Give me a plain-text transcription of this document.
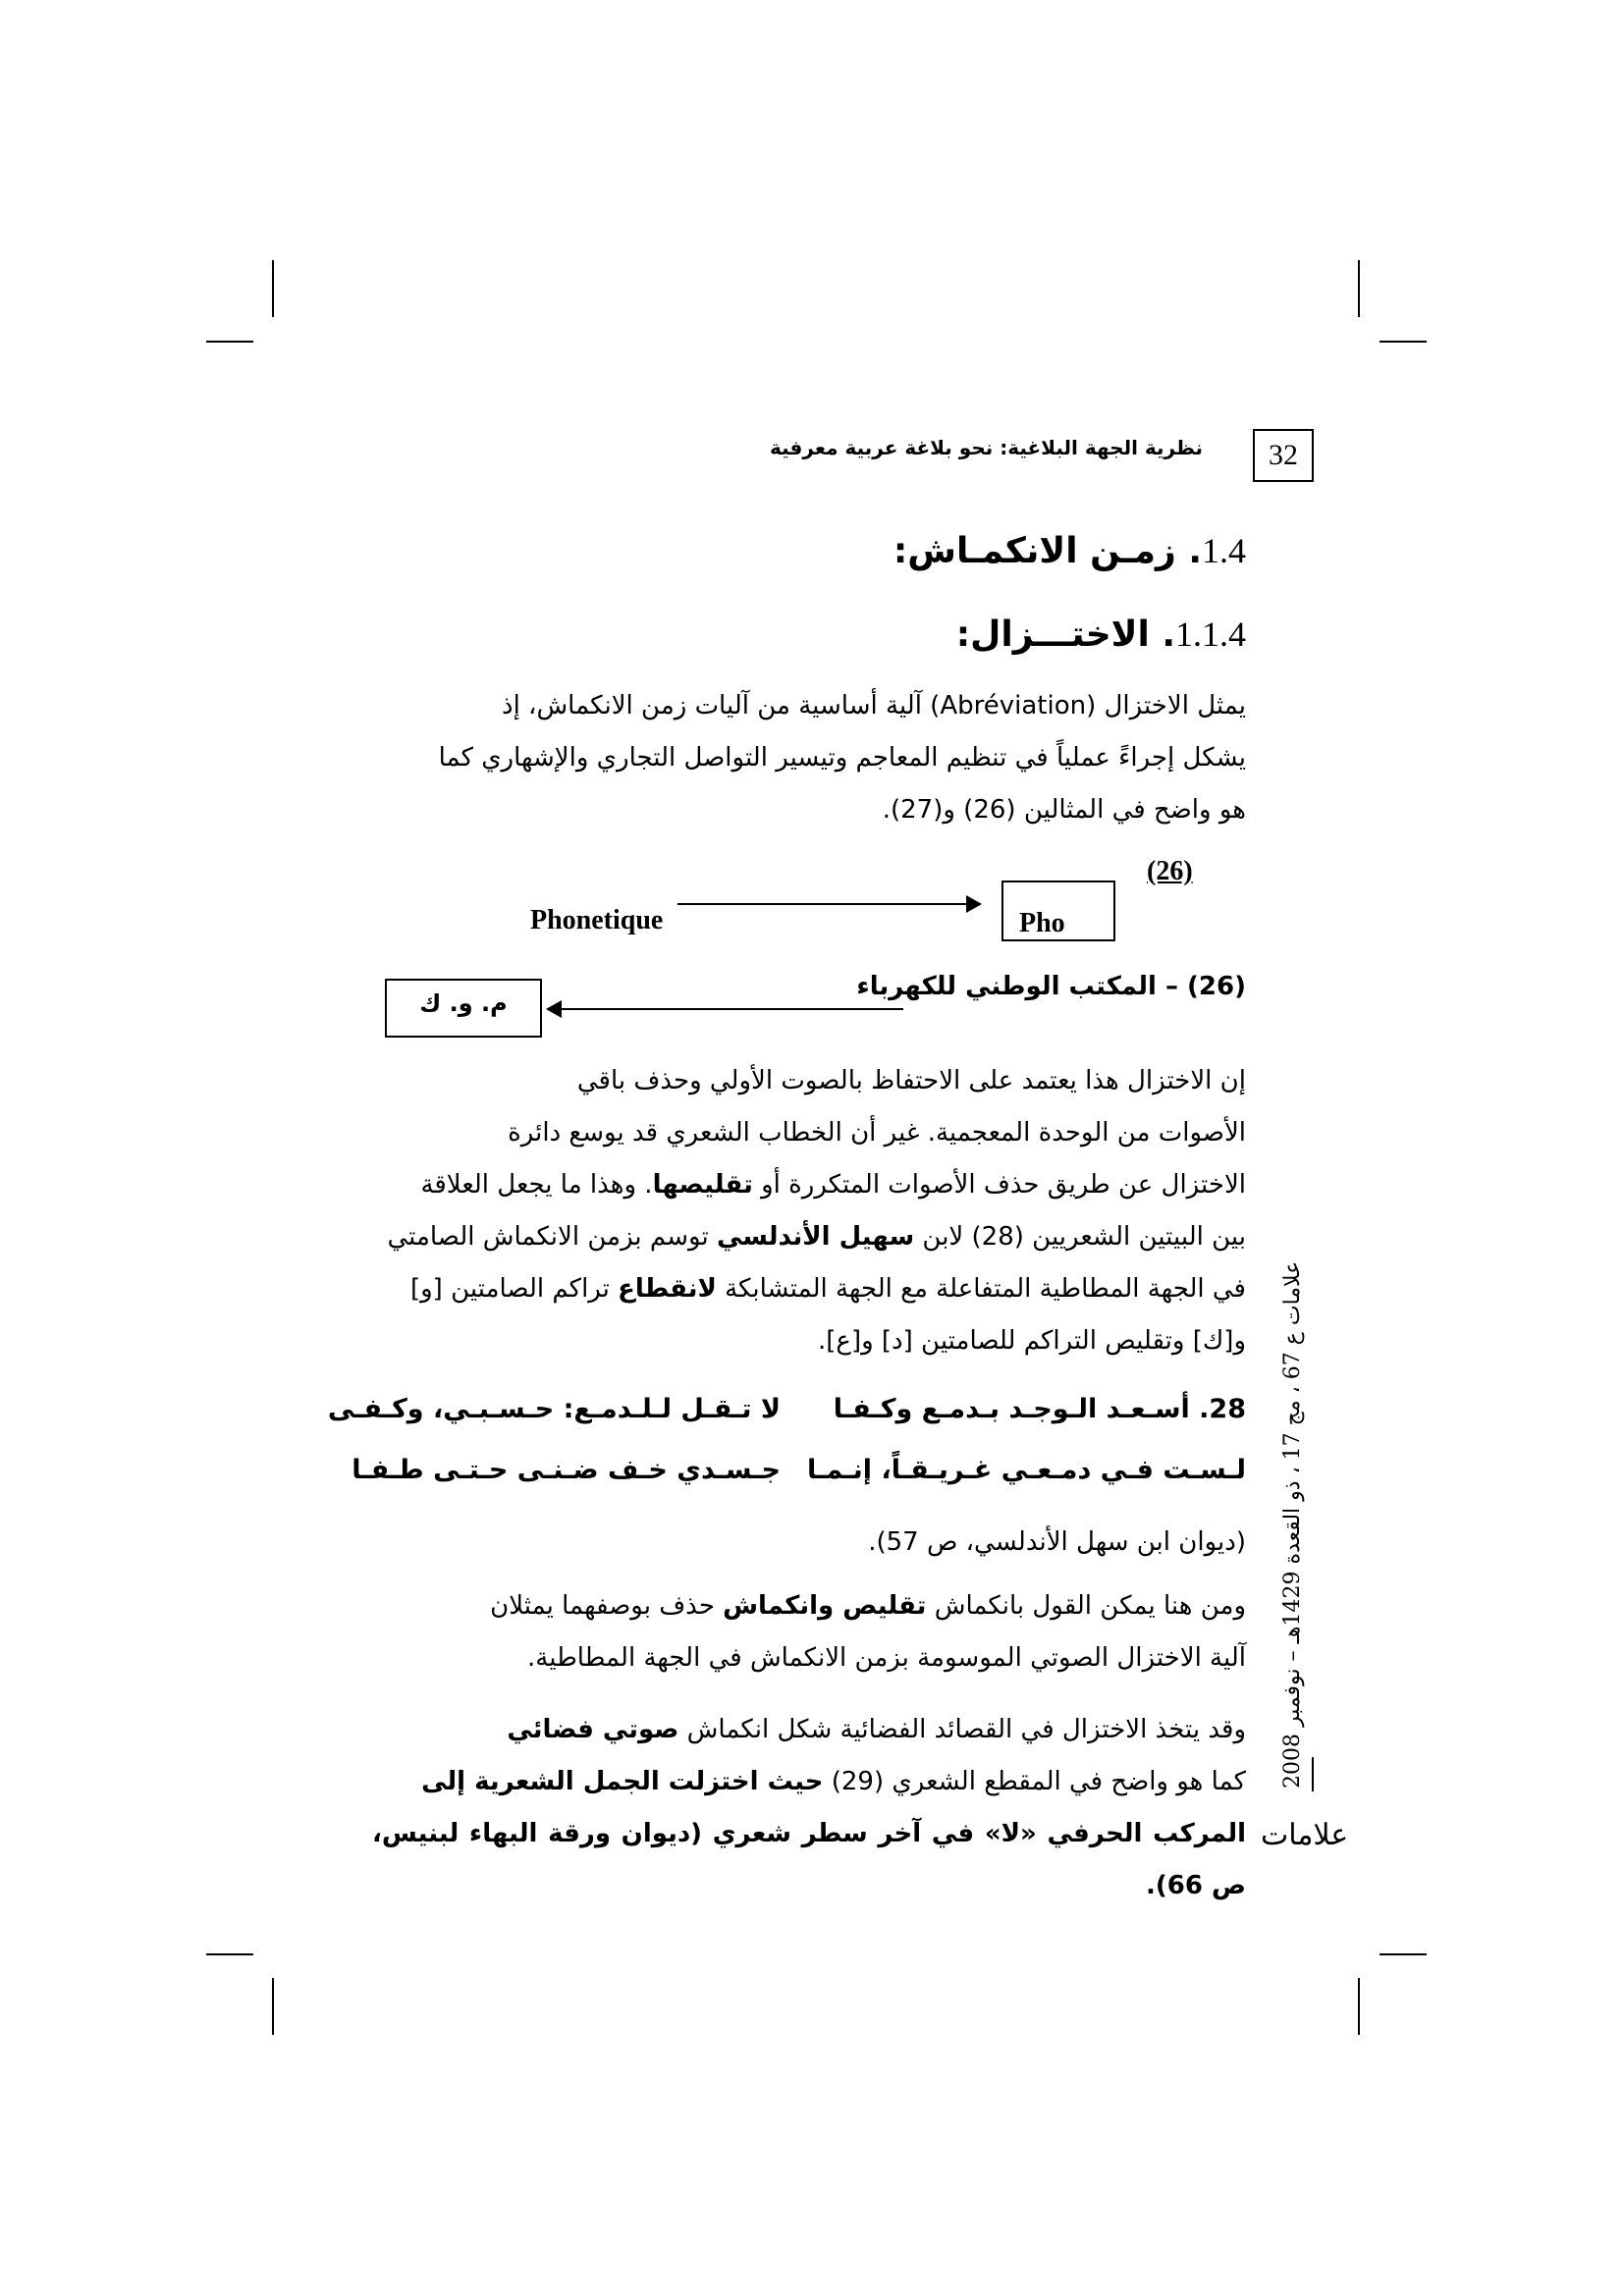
32
نظرية الجهة البلاغية: نحو بلاغة عربية معرفية
1.4. زمـن الانكمـاش:
1.1.4. الاختـــزال:
يمثل الاختزال (Abréviation) آلية أساسية من آليات زمن الانكماش، إذ
يشكل إجراءً عملياً في تنظيم المعاجم وتيسير التواصل التجاري والإشهاري كما
هو واضح في المثالين (26) و(27).
(26)
Phonetique	Pho
(26) – المكتب الوطني للكهرباء
م. و. ك
إن الاختزال هذا يعتمد على الاحتفاظ بالصوت الأولي وحذف باقي
الأصوات من الوحدة المعجمية. غير أن الخطاب الشعري قد يوسع دائرة
الاختزال عن طريق حذف الأصوات المتكررة أو تقليصها. وهذا ما يجعل العلاقة
بين البيتين الشعريين (28) لابن سهيل الأندلسي توسم بزمن الانكماش الصامتي
في الجهة المطاطية المتفاعلة مع الجهة المتشابكة لانقطاع تراكم الصامتين [و]
و[ك] وتقليص التراكم للصامتين [د] و[ع].
28. أسـعـد الـوجـد بـدمـع وكـفـا
لا تـقـل لـلـدمـع: حـسـبـي، وكـفـى
لـسـت فـي دمـعـي غـريـقـاً، إنـمـا
جـسـدي خـف ضـنـى حـتـى طـفـا
(ديوان ابن سهل الأندلسي، ص 57).
ومن هنا يمكن القول بانكماش تقليص وانكماش حذف بوصفهما يمثلان
آلية الاختزال الصوتي الموسومة بزمن الانكماش في الجهة المطاطية.
وقد يتخذ الاختزال في القصائد الفضائية شكل انكماش صوتي فضائي
كما هو واضح في المقطع الشعري (29) حيث اختزلت الجمل الشعرية إلى
المركب الحرفي «لا» في آخر سطر شعري (ديوان ورقة البهاء لبنيس، ص 66).
علامات ع 67 ، مج 17 ، ذو القعدة 1429هـ – نوفمبر 2008
علامات
